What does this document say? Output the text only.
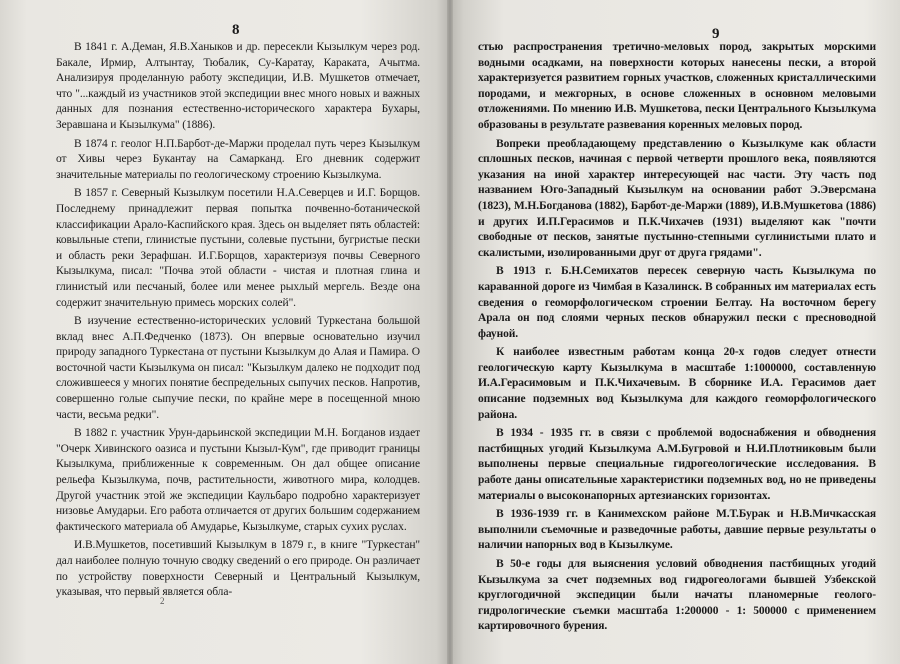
8

В 1841 г. А.Деман, Я.В.Ханыков и др. пересекли Кызылкум через род. Бакале, Ирмир, Алтынтау, Тюбалик, Су-Каратау, Караката, Ачытма. Анализируя проделанную работу экспедиции, И.В. Мушкетов отмечает, что "...каждый из участников этой экспедиции внес много новых и важных данных для познания естественно-исторического характера Бухары, Зеравшана и Кызылкума" (1886).

В 1874 г. геолог Н.П.Барбот-де-Маржи проделал путь через Кызылкум от Хивы через Букантау на Самарканд. Его дневник содержит значительные материалы по геологическому строению Кызылкума.

В 1857 г. Северный Кызылкум посетили Н.А.Северцев и И.Г. Борщов. Последнему принадлежит первая попытка почвенно-ботанической классификации Арало-Каспийского края. Здесь он выделяет пять областей: ковыльные степи, глинистые пустыни, солевые пустыни, бугристые пески и область реки Зерафшан. И.Г.Борщов, характеризуя почвы Северного Кызылкума, писал: "Почва этой области - чистая и плотная глина и глинистый или песчаный, более или менее рыхлый мергель. Везде она содержит значительную примесь морских солей".

В изучение естественно-исторических условий Туркестана большой вклад внес А.П.Федченко (1873). Он впервые основательно изучил природу западного Туркестана от пустыни Кызылкум до Алая и Памира. О восточной части Кызылкума он писал: "Кызылкум далеко не подходит под сложившееся у многих понятие беспредельных сыпучих песков. Напротив, совершенно голые сыпучие пески, по крайне мере в посещенной мною части, весьма редки".

В 1882 г. участник Урун-дарьинской экспедиции М.Н. Богданов издает "Очерк Хивинского оазиса и пустыни Кызыл-Кум", где приводит границы Кызылкума, приближенные к современным. Он дал общее описание рельефа Кызылкума, почв, растительности, животного мира, колодцев. Другой участник этой же экспедиции Каульбаро подробно характеризует низовье Амударьи. Его работа отличается от других большим содержанием фактического материала об Амударье, Кызылкуме, старых сухих руслах.

И.В.Мушкетов, посетивший Кызылкум в 1879 г., в книге "Туркестан" дал наиболее полную точную сводку сведений о его природе. Он различает по устройству поверхности Северный и Центральный Кызылкум, указывая, что первый является обла-

2
9

стью распространения третично-меловых пород, закрытых морскими водными осадками, на поверхности которых нанесены пески, а второй характеризуется развитием горных участков, сложенных кристаллическими породами, и межгорных, в основе сложенных в основном меловыми отложениями. По мнению И.В. Мушкетова, пески Центрального Кызылкума образованы в результате развевания коренных меловых пород.

Вопреки преобладающему представлению о Кызылкуме как области сплошных песков, начиная с первой четверти прошлого века, появляются указания на иной характер интересующей нас части. Эту часть под названием Юго-Западный Кызылкум на основании работ Э.Эверсмана (1823), М.Н.Богданова (1882), Барбот-де-Маржи (1889), И.В.Мушкетова (1886) и других И.П.Герасимов и П.К.Чихачев (1931) выделяют как "почти свободные от песков, занятые пустынно-степными суглинистыми плато и скалистыми, изолированными друг от друга грядами".

В 1913 г. Б.Н.Семихатов пересек северную часть Кызылкума по караванной дороге из Чимбая в Казалинск. В собранных им материалах есть сведения о геоморфологическом строении Белтау. На восточном берегу Арала он под слоями черных песков обнаружил пески с пресноводной фауной.

К наиболее известным работам конца 20-х годов следует отнести геологическую карту Кызылкума в масштабе 1:1000000, составленную И.А.Герасимовым и П.К.Чихачевым. В сборнике И.А. Герасимов дает описание подземных вод Кызылкума для каждого геоморфологического района.

В 1934 - 1935 гг. в связи с проблемой водоснабжения и обводнения пастбищных угодий Кызылкума А.М.Бугровой и Н.И.Плотниковым были выполнены первые специальные гидрогеологические исследования. В работе даны описательные характеристики подземных вод, но не приведены материалы о высоконапорных артезианских горизонтах.

В 1936-1939 гг. в Канимехском районе М.Т.Бурак и Н.В.Мичкасская выполнили съемочные и разведочные работы, давшие первые результаты о наличии напорных вод в Кызылкуме.

В 50-е годы для выяснения условий обводнения пастбищных угодий Кызылкума за счет подземных вод гидрогеологами бывшей Узбекской круглогодичной экспедиции были начаты планомерные геолого-гидрологические съемки масштаба 1:200000 - 1: 500000 с применением картировочного бурения.
